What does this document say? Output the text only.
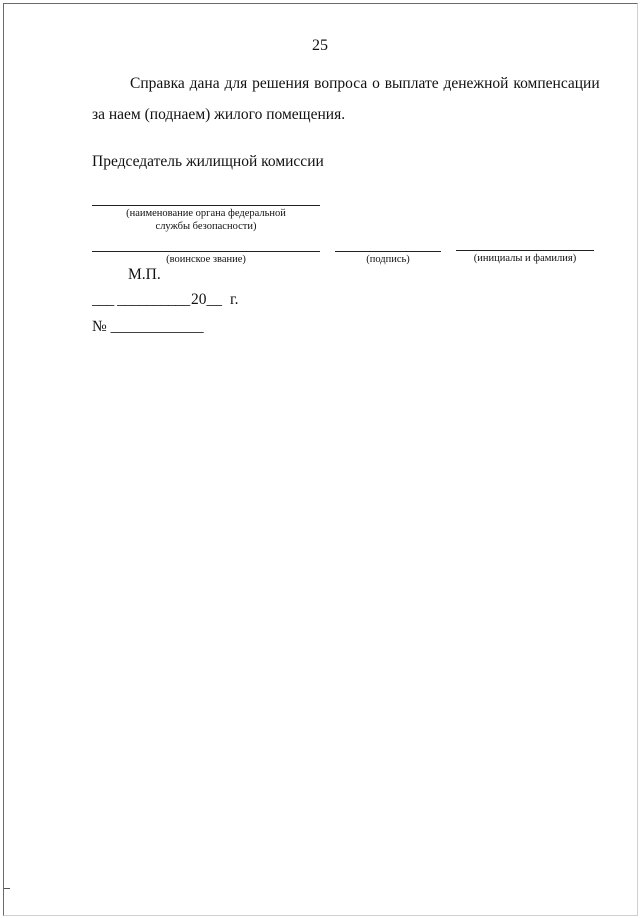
25
Справка дана для решения вопроса о выплате денежной компенсации
за наем (поднаем) жилого помещения.
Председатель жилищной комиссии
(наименование органа федеральной
службы безопасности)
(воинское звание)	(подпись)	(инициалы и фамилия)
М.П.
___ __________ 20__ г.
№ ____________
